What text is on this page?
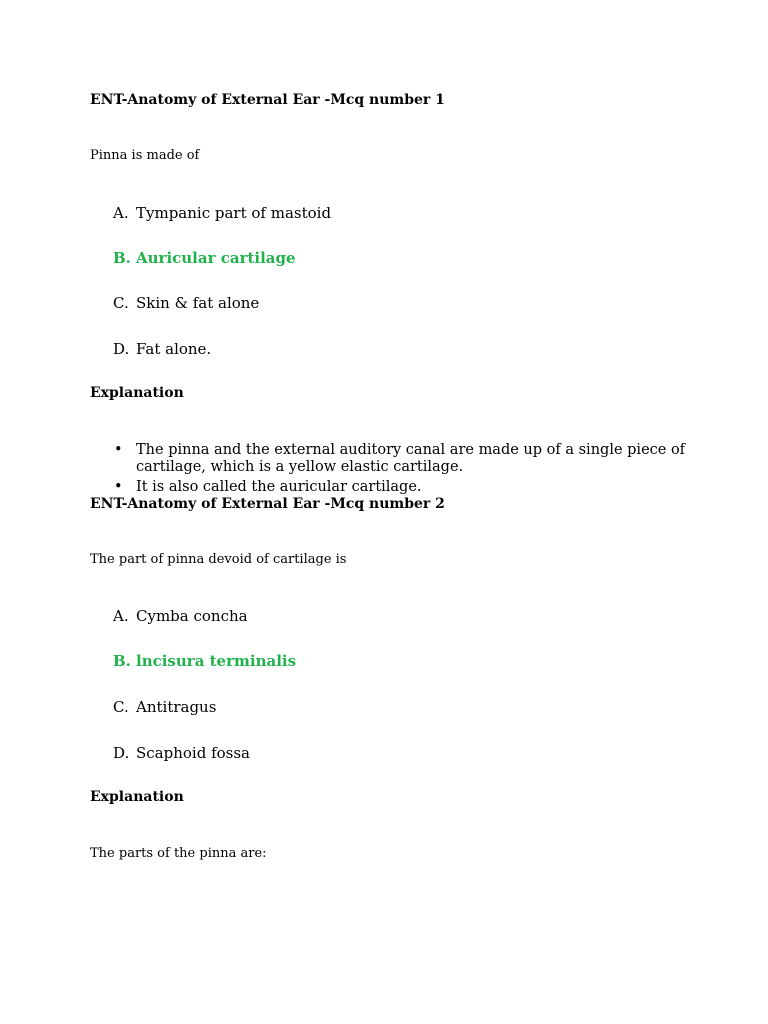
ENT-Anatomy of External Ear -Mcq number 1
Pinna is made of
A. Tympanic part of mastoid
B. Auricular cartilage
C. Skin & fat alone
D. Fat alone.
Explanation
• The pinna and the external auditory canal are made up of a single piece of
cartilage, which is a yellow elastic cartilage.
• It is also called the auricular cartilage.
ENT-Anatomy of External Ear -Mcq number 2
The part of pinna devoid of cartilage is
A. Cymba concha
B. lncisura terminalis
C. Antitragus
D. Scaphoid fossa
Explanation
The parts of the pinna are:
